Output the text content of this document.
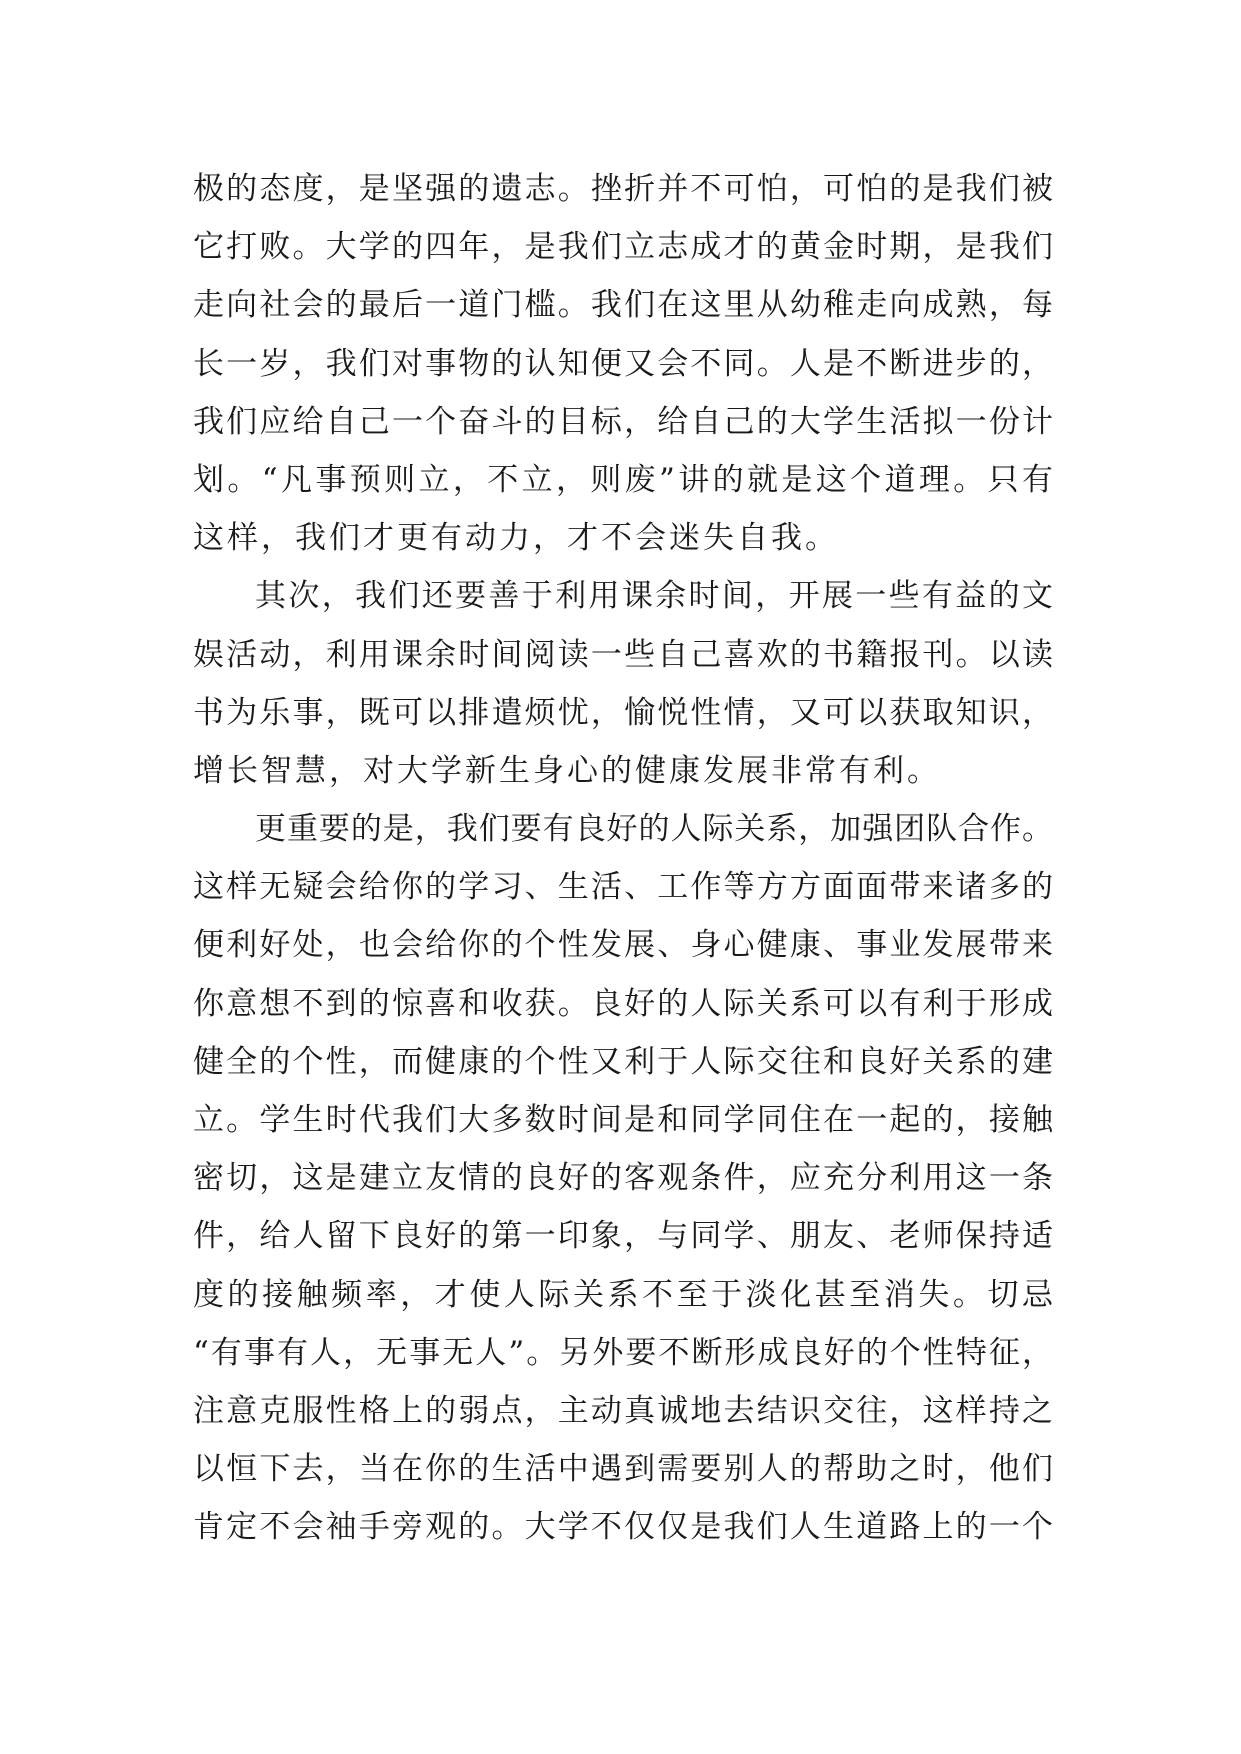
极的态度，是坚强的遗志。挫折并不可怕，可怕的是我们被
它打败。大学的四年，是我们立志成才的黄金时期，是我们
走向社会的最后一道门槛。我们在这里从幼稚走向成熟，每
长一岁，我们对事物的认知便又会不同。人是不断进步的，
我们应给自己一个奋斗的目标，给自己的大学生活拟一份计
划。“凡事预则立，不立，则废”讲的就是这个道理。只有
这样，我们才更有动力，才不会迷失自我。
其次，我们还要善于利用课余时间，开展一些有益的文
娱活动，利用课余时间阅读一些自己喜欢的书籍报刊。以读
书为乐事，既可以排遣烦忧，愉悦性情，又可以获取知识，
增长智慧，对大学新生身心的健康发展非常有利。
更重要的是，我们要有良好的人际关系，加强团队合作。
这样无疑会给你的学习、生活、工作等方方面面带来诸多的
便利好处，也会给你的个性发展、身心健康、事业发展带来
你意想不到的惊喜和收获。良好的人际关系可以有利于形成
健全的个性，而健康的个性又利于人际交往和良好关系的建
立。学生时代我们大多数时间是和同学同住在一起的，接触
密切，这是建立友情的良好的客观条件，应充分利用这一条
件，给人留下良好的第一印象，与同学、朋友、老师保持适
度的接触频率，才使人际关系不至于淡化甚至消失。切忌
“有事有人，无事无人”。另外要不断形成良好的个性特征，
注意克服性格上的弱点，主动真诚地去结识交往，这样持之
以恒下去，当在你的生活中遇到需要别人的帮助之时，他们
肯定不会袖手旁观的。大学不仅仅是我们人生道路上的一个
